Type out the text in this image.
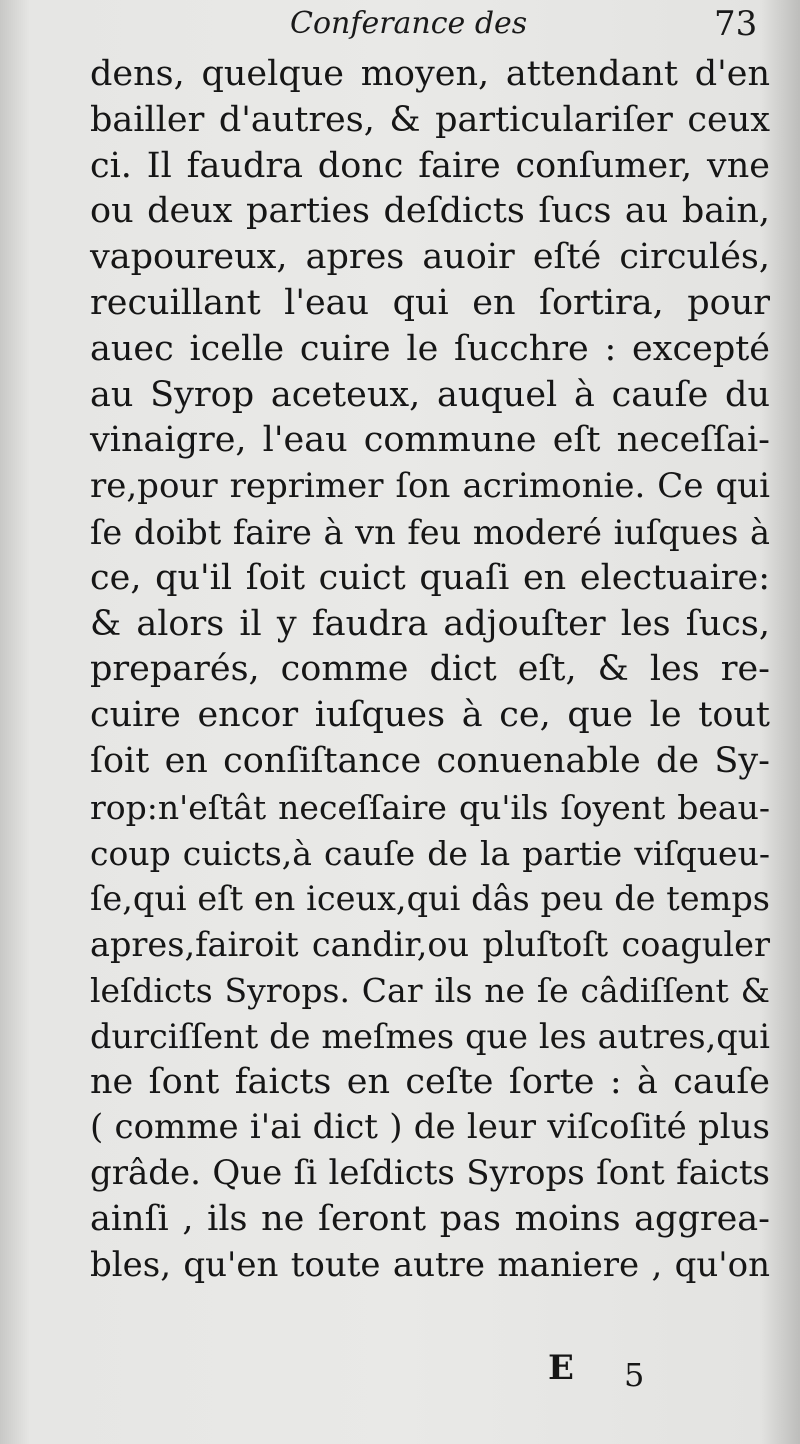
Conferance des	73
dens, quelque moyen, attendant d'en
bailler d'autres, & particulariſer ceux
ci. Il faudra donc faire conſumer, vne
ou deux parties deſdicts ſucs au bain,
vapoureux, apres auoir eſté circulés,
recuillant l'eau qui en ſortira, pour
auec icelle cuire le ſucchre : excepté
au Syrop aceteux, auquel à cauſe du
vinaigre, l'eau commune eſt neceſſai-
re,pour reprimer ſon acrimonie. Ce qui
ſe doibt faire à vn feu moderé iuſques à
ce, qu'il ſoit cuict quaſi en electuaire:
& alors il y faudra adjouſter les ſucs,
preparés, comme dict eſt, & les re-
cuire encor iuſques à ce, que le tout
ſoit en conſiſtance conuenable de Sy-
rop:n'eſtât neceſſaire qu'ils ſoyent beau-
coup cuicts,à cauſe de la partie viſqueu-
ſe,qui eſt en iceux,qui dâs peu de temps
apres,fairoit candir,ou pluſtoſt coaguler
leſdicts Syrops. Car ils ne ſe câdiſſent &
durciſſent de meſmes que les autres,qui
ne ſont faicts en ceſte ſorte : à cauſe
( comme i'ai dict ) de leur viſcoſité plus
grâde. Que ſi leſdicts Syrops ſont faicts
ainſi , ils ne ſeront pas moins aggrea-
bles, qu'en toute autre maniere , qu'on
E 5
